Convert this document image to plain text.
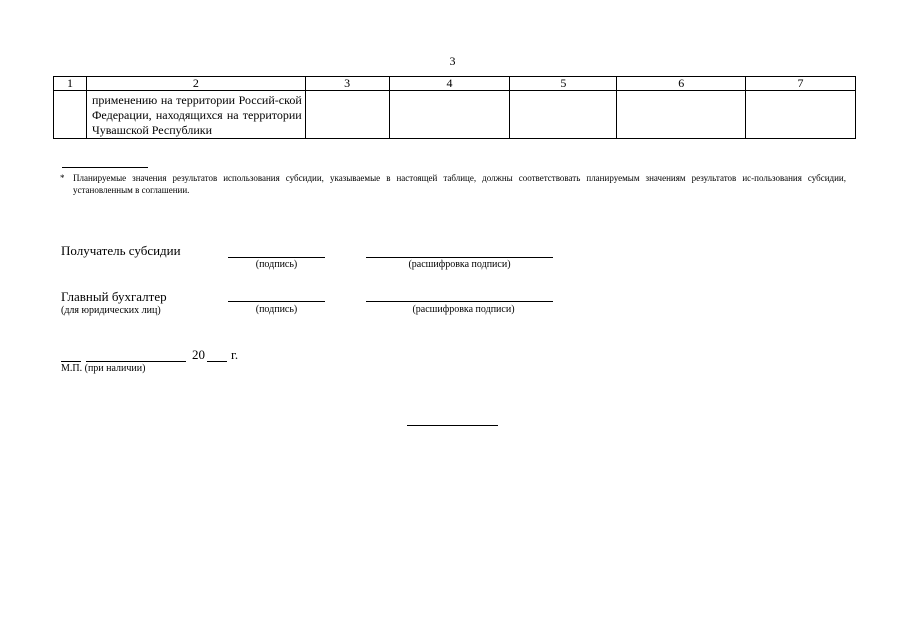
3
1	2	3	4	5	6	7

	применению на территории Россий-ской Федерации, находящихся на территории Чувашской Республики					

* Планируемые значения результатов использования субсидии, указываемые в настоящей таблице, должны соответствовать планируемым значениям результатов ис-пользования субсидии, установленным в соглашении.
Получатель субсидии
(подпись)	(расшифровка подписи)
Главный бухгалтер
(для юридических лиц)	(подпись)	(расшифровка подписи)
20 г.
М.П. (при наличии)
